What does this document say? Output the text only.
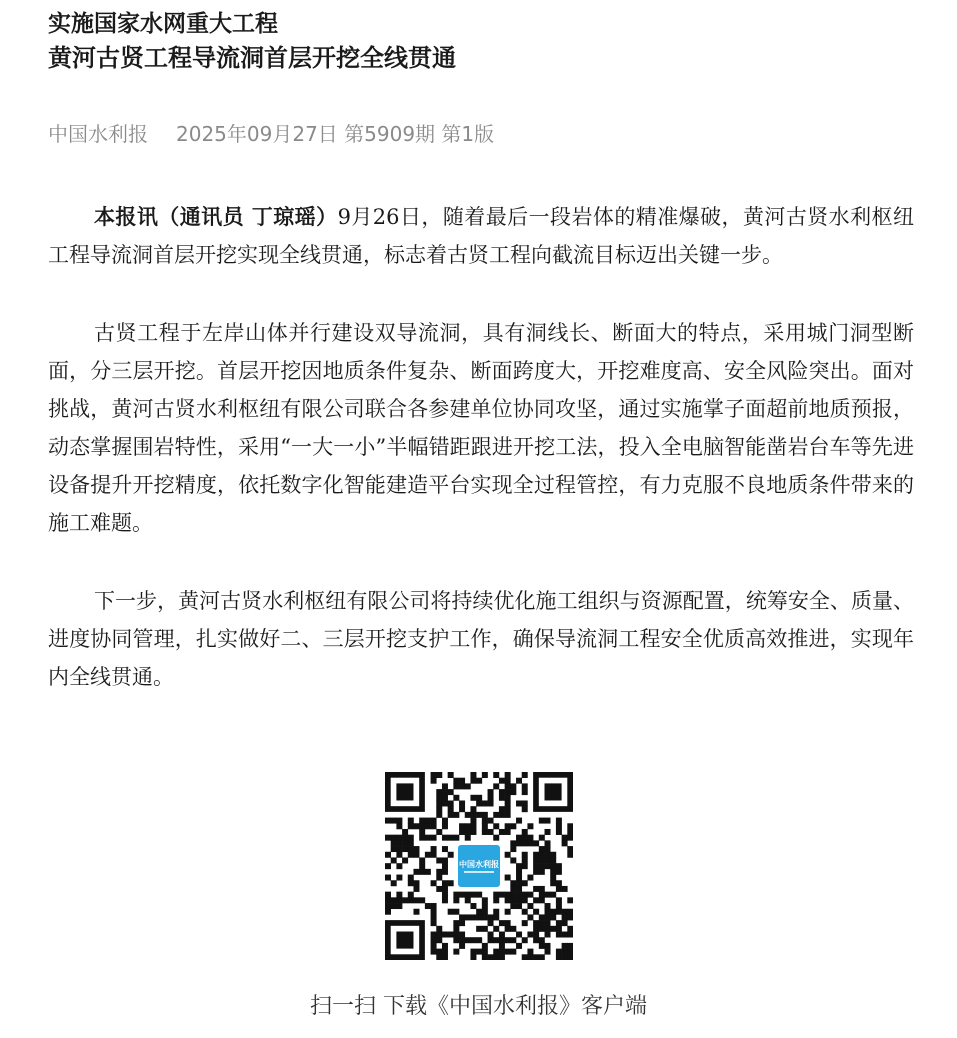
实施国家水网重大工程
黄河古贤工程导流洞首层开挖全线贯通
中国水利报 2025年09月27日 第5909期 第1版

本报讯（通讯员 丁琼瑶）9月26日，随着最后一段岩体的精准爆破，黄河古贤水利枢纽工程导流洞首层开挖实现全线贯通，标志着古贤工程向截流目标迈出关键一步。

古贤工程于左岸山体并行建设双导流洞，具有洞线长、断面大的特点，采用城门洞型断面，分三层开挖。首层开挖因地质条件复杂、断面跨度大，开挖难度高、安全风险突出。面对挑战，黄河古贤水利枢纽有限公司联合各参建单位协同攻坚，通过实施掌子面超前地质预报，动态掌握围岩特性，采用“一大一小”半幅错距跟进开挖工法，投入全电脑智能凿岩台车等先进设备提升开挖精度，依托数字化智能建造平台实现全过程管控，有力克服不良地质条件带来的施工难题。

下一步，黄河古贤水利枢纽有限公司将持续优化施工组织与资源配置，统筹安全、质量、进度协同管理，扎实做好二、三层开挖支护工作，确保导流洞工程安全优质高效推进，实现年内全线贯通。

中国水利报
扫一扫 下载《中国水利报》客户端
